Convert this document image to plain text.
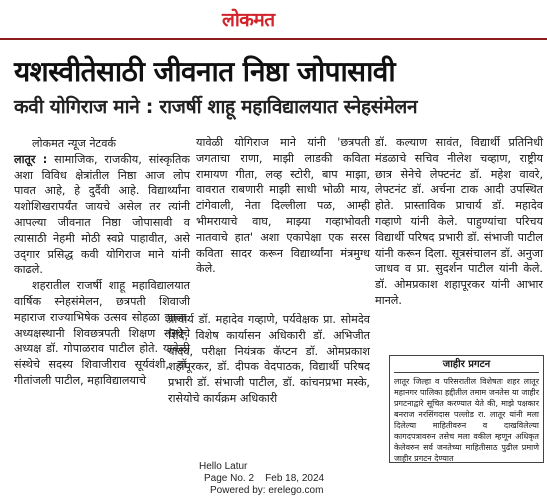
लोकमत
यशस्वीतेसाठी जीवनात निष्ठा जोपासावी
कवी योगिराज माने : राजर्षी शाहू महाविद्यालयात स्नेहसंमेलन
लोकमत न्यूज नेटवर्क

लातूर : सामाजिक, राजकीय, सांस्कृतिक अशा विविध क्षेत्रांतील निष्ठा आज लोप पावत आहे, हे दुर्दैवी आहे. विद्यार्थ्यांना यशोशिखरापर्यंत जायचे असेल तर त्यांनी आपल्या जीवनात निष्ठा जोपासावी व त्यासाठी नेहमी मोठी स्वप्ने पाहावीत, असे उद्‌गार प्रसिद्ध कवी योगिराज माने यांनी काढले.

शहरातील राजर्षी शाहू महाविद्यालयात वार्षिक स्नेहसंमेलन, छत्रपती शिवाजी महाराज राज्याभिषेक उत्सव सोहळा झाला. अध्यक्षस्थानी शिवछत्रपती शिक्षण संस्थेचे अध्यक्ष डॉ. गोपाळराव पाटील होते. यावेळी संस्थेचे सदस्य शिवाजीराव सूर्यवंशी, डॉ. गीतांजली पाटील, महाविद्यालयाचे

यावेळी योगिराज माने यांनी 'छत्रपती जगताचा राणा, माझी लाडकी कविता रामायण गीता, लव्ह स्टोरी, बाप माझा, वावरात राबणारी माझी साधी भोळी माय, टांगेवाली, नेता दिल्लीला पळ, आम्ही भीमरायाचे वाघ, माझ्या गव्हाभोवती नातवाचे हात' अशा एकापेक्षा एक सरस कविता सादर करून विद्यार्थ्यांना मंत्रमुग्ध केले.

प्राचार्य डॉ. महादेव गव्हाणे, पर्यवेक्षक प्रा. सोमदेव शिंदे, विशेष कार्यासन अधिकारी डॉ. अभिजीत यादव, परीक्षा नियंत्रक कॅप्टन डॉ. ओमप्रकाश शहापूरकर, डॉ. दीपक वेदपाठक, विद्यार्थी परिषद प्रभारी डॉ. संभाजी पाटील, डॉ. कांचनप्रभा मस्के, रासेयोचे कार्यक्रम अधिकारी

डॉ. कल्याण सावंत, विद्यार्थी प्रतिनिधी मंडळाचे सचिव नीलेश चव्हाण, राष्ट्रीय छात्र सेनेचे लेफ्टनंट डॉ. महेश वावरे, लेफ्टनंट डॉ. अर्चना टाक आदी उपस्थित होते. प्रास्ताविक प्राचार्य डॉ. महादेव गव्हाणे यांनी केले. पाहुण्यांचा परिचय विद्यार्थी परिषद प्रभारी डॉ. संभाजी पाटील यांनी करून दिला. सूत्रसंचालन डॉ. अनुजा जाधव व प्रा. सुदर्शन पाटील यांनी केले. डॉ. ओमप्रकाश शहापूरकर यांनी आभार मानले.

जाहीर प्रगटन
लातूर जिल्हा व परिसरातील विशेषतः शहर लातूर महानगर पालिका हद्दीतील तमाम जनतेस या जाहीर प्रगटनाद्वारे सूचित करण्यात येते की, माझे पक्षकार बनराज नरसिंगदास पल्लोड रा. लातूर यांनी मला दिलेल्या माहितीवरुन व दाखविलेल्या कागदपत्रावरुन तसेच मला वकील म्हणून अधिकृत केलेवरुन सर्व जनतेच्या माहितीसाठ पुढील प्रमाणे जाहीर प्रगटन देण्यात
Hello Latur
Page No. 2 Feb 18, 2024
Powered by: erelego.com
